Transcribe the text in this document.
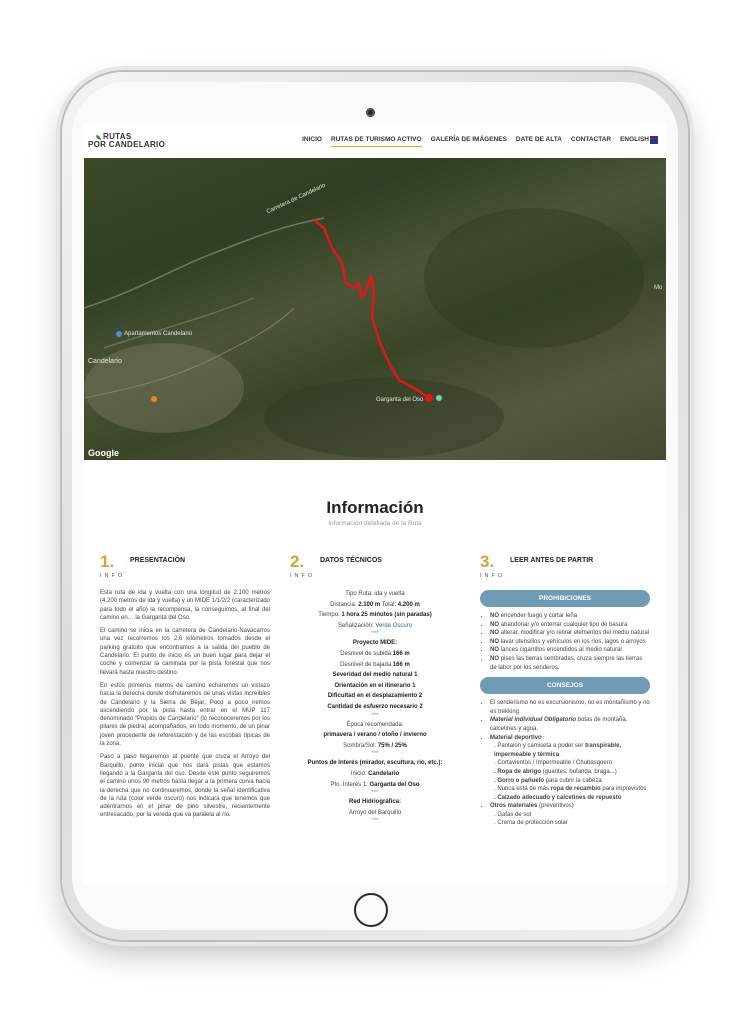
RUTAS
POR CANDELARIO
INICIO RUTAS DE TURISMO ACTIVO GALERÍA DE IMÁGENES DATE DE ALTA CONTACTAR ENGLISH
Carretera de Candelario
Apartamentos Candelario
Garganta del Oso
Candelario
Mo
Google
Información
Información detallada de la Ruta
1. PRESENTACIÓN
INFO

Esta ruta de ida y vuelta con una longitud de 2.100 metros (4.200 metros de ida y vuelta) y un MIDE 1/1/2/2 (caracterizado para todo el año) la recompensa, la conseguimos, al final del camino en… la Garganta del Oso.

El camino se inicia en la carretera de Candelario-Navacarros una vez recorremos los 2,6 kilómetros tomados desde el parking gratuito que encontramos a la salida del pueblo de Candelario. El punto de inicio es un buen lugar para dejar el coche y comenzar la caminata por la pista forestal que nos llevará hasta nuestro destino.

En estos primeros metros de camino echaremos un vistazo hacia la derecha donde disfrutaremos de unas vistas increíbles de Candelario y la Sierra de Béjar. Poco a poco iremos ascendiendo por la pista hasta entrar en el MUP 117 denominado "Propios de Candelario" (lo reconoceremos por los pilares de piedra) acompañados, en todo momento, de un pinar joven procedente de reforestación y de las escobas típicas de la zona.

Paso a paso llegaremos al puente que cruza el Arroyo del Barquillo, punto inicial que nos dará pistas que estamos llegando a la Garganta del oso. Desde este punto seguiremos el camino unos 90 metros hasta llegar a la primera curva hacia la derecha que no continuaremos, donde la señal identificativa de la ruta (color verde oscuro) nos indicará que tenemos que adentrarnos en el pinar de pino silvestre, recientemente entresacado, por la vereda que va paralela al río.

2. DATOS TÉCNICOS
INFO
Tipo Ruta: ida y vuelta
Distancia: 2.100 m Total: 4.200 m
Tiempo: 1 hora 25 minutos (sin paradas)
Señalización: Verde Oscuro
***
Proyecto MIDE:
Desnivel de subida:166 m
Desnivel de bajada:166 m
Severidad del medio natural 1
Orientación en el itinerario 1
Dificultad en el desplazamiento 2
Cantidad de esfuerzo necesario 2
***
Época recomendada:
primavera / verano / otoño / invierno
Sombra/Sol: 75% / 25%
***
Puntos de Interés (mirador, escultura, río, etc.):
Inicio: Candelario
Pto. Interés 1: Garganta del Oso
***
Red Hidriográfica:
Arroyo del Barquillo
***
3. LEER ANTES DE PARTIR
INFO
PROHIBICIONES
• NO encender fuego y cortar leña
• NO abandonar y/o enterrar cualquier tipo de basura
• NO alterar, modificar y/o retirar elementos del medio natural
• NO lavar utensilios y vehículos en los ríos, lagos o arroyos
• NO lances cigarrillos encendidos al medio natural
• NO pises las tierras sembradas, cruza siempre las tierras de labor por los senderos.
CONSEJOS
• El senderismo no es excursionismo, no es montañismo y no es trekking
• Material individual Obligatorio botas de montaña, calcetines y agua.
• Material deportivo
. Pantalón y camiseta a poder ser transpirable, impermeable y térmica
. Cortavientos / Impermeable / Chubasquero
. Ropa de abrigo (guantes, bufanda, braga...)
. Gorro o pañuelo para cubrir la cabeza
. Nunca está de más ropa de recambio para imprevistos
. Calzado adecuado y calcetines de repuesto
• Otros materiales (preventivos)
. Gafas de sol
. Crema de protección solar
